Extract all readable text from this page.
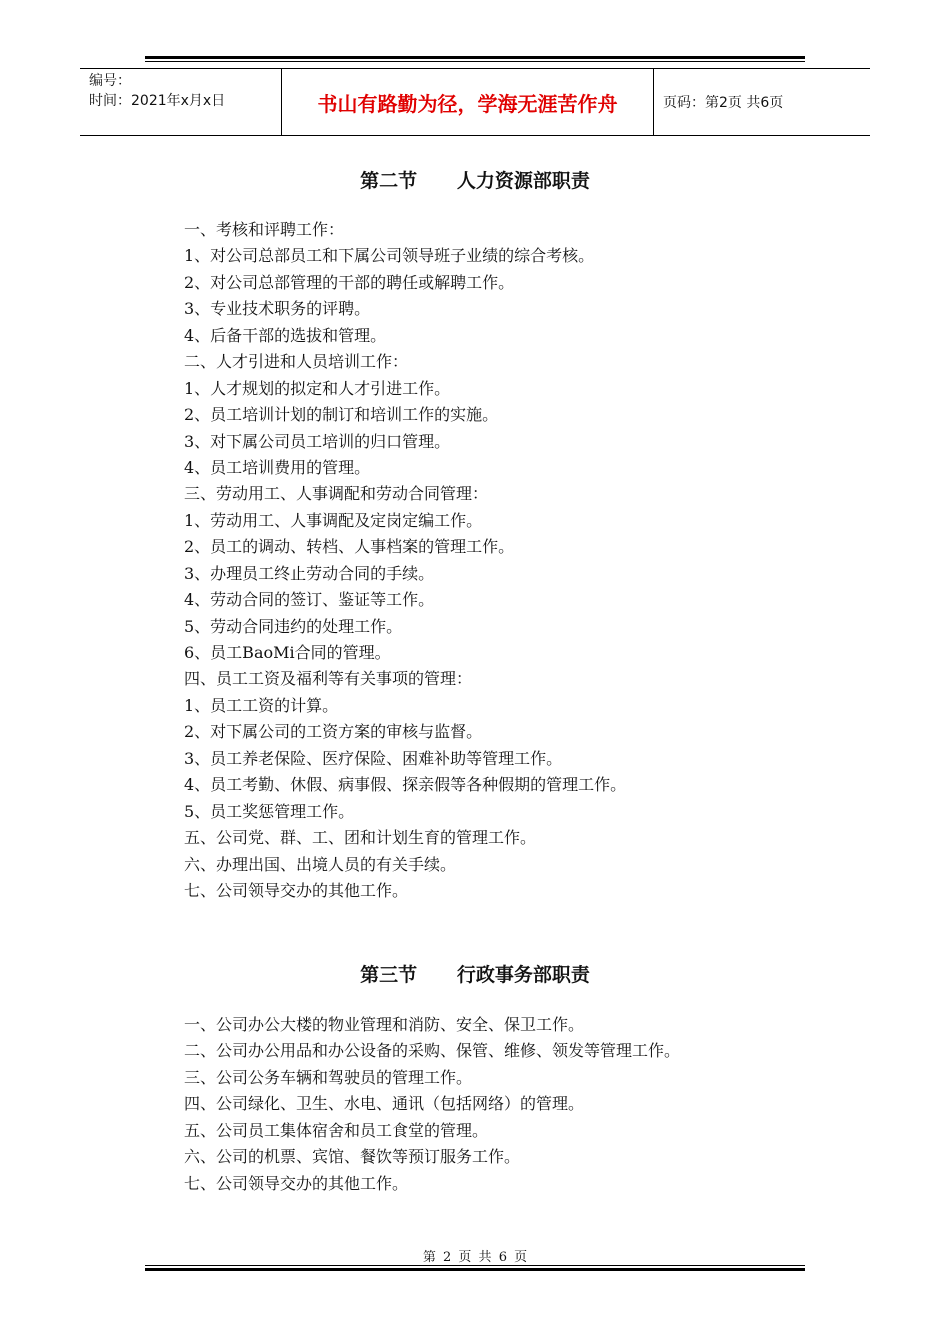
编号：
时间：2021年x月x日	书山有路勤为径，学海无涯苦作舟	页码：第2页 共6页
第二节      人力资源部职责
一、考核和评聘工作：
1、对公司总部员工和下属公司领导班子业绩的综合考核。
2、对公司总部管理的干部的聘任或解聘工作。
3、专业技术职务的评聘。
4、后备干部的选拔和管理。
二、人才引进和人员培训工作：
1、人才规划的拟定和人才引进工作。
2、员工培训计划的制订和培训工作的实施。
3、对下属公司员工培训的归口管理。
4、员工培训费用的管理。
三、劳动用工、人事调配和劳动合同管理：
1、劳动用工、人事调配及定岗定编工作。
2、员工的调动、转档、人事档案的管理工作。
3、办理员工终止劳动合同的手续。
4、劳动合同的签订、鉴证等工作。
5、劳动合同违约的处理工作。
6、员工BaoMi合同的管理。
四、员工工资及福利等有关事项的管理：
1、员工工资的计算。
2、对下属公司的工资方案的审核与监督。
3、员工养老保险、医疗保险、困难补助等管理工作。
4、员工考勤、休假、病事假、探亲假等各种假期的管理工作。
5、员工奖惩管理工作。
五、公司党、群、工、团和计划生育的管理工作。
六、办理出国、出境人员的有关手续。
七、公司领导交办的其他工作。
第三节      行政事务部职责
一、公司办公大楼的物业管理和消防、安全、保卫工作。
二、公司办公用品和办公设备的采购、保管、维修、领发等管理工作。
三、公司公务车辆和驾驶员的管理工作。
四、公司绿化、卫生、水电、通讯（包括网络）的管理。
五、公司员工集体宿舍和员工食堂的管理。
六、公司的机票、宾馆、餐饮等预订服务工作。
七、公司领导交办的其他工作。
第 2 页 共 6 页
